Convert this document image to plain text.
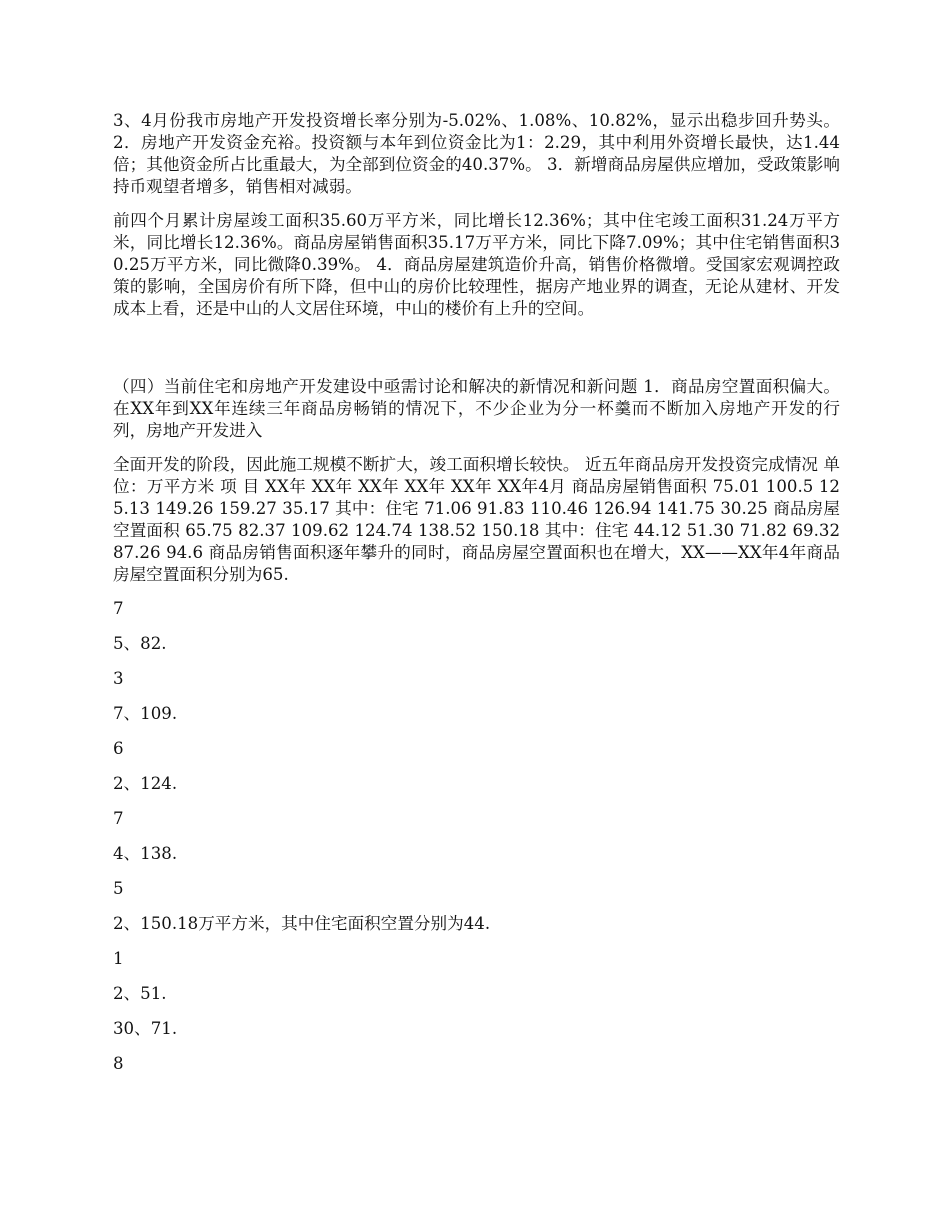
3、4月份我市房地产开发投资增长率分别为-5.02%、1.08%、10.82%，显示出稳步回升势头。 2．房地产开发资金充裕。投资额与本年到位资金比为1：2.29，其中利用外资增长最快，达1.44倍；其他资金所占比重最大，为全部到位资金的40.37%。 3．新增商品房屋供应增加，受政策影响持币观望者增多，销售相对减弱。

前四个月累计房屋竣工面积35.60万平方米，同比增长12.36%；其中住宅竣工面积31.24万平方米，同比增长12.36%。商品房屋销售面积35.17万平方米，同比下降7.09%；其中住宅销售面积30.25万平方米，同比微降0.39%。 4．商品房屋建筑造价升高，销售价格微增。受国家宏观调控政策的影响，全国房价有所下降，但中山的房价比较理性，据房产地业界的调查，无论从建材、开发成本上看，还是中山的人文居住环境，中山的楼价有上升的空间。

（四）当前住宅和房地产开发建设中亟需讨论和解决的新情况和新问题 1．商品房空置面积偏大。 在XX年到XX年连续三年商品房畅销的情况下，不少企业为分一杯羹而不断加入房地产开发的行列，房地产开发进入

全面开发的阶段，因此施工规模不断扩大，竣工面积增长较快。 近五年商品房开发投资完成情况 单位：万平方米 项 目 XX年 XX年 XX年 XX年 XX年 XX年4月 商品房屋销售面积 75.01 100.5 125.13 149.26 159.27 35.17 其中：住宅 71.06 91.83 110.46 126.94 141.75 30.25 商品房屋 空置面积 65.75 82.37 109.62 124.74 138.52 150.18 其中：住宅 44.12 51.30 71.82 69.32 87.26 94.6 商品房销售面积逐年攀升的同时，商品房屋空置面积也在增大，XX——XX年4年商品房屋空置面积分别为65.

7

5、82.

3

7、109.

6

2、124.

7

4、138.

5

2、150.18万平方米，其中住宅面积空置分别为44.

1

2、51.

30、71.

8
